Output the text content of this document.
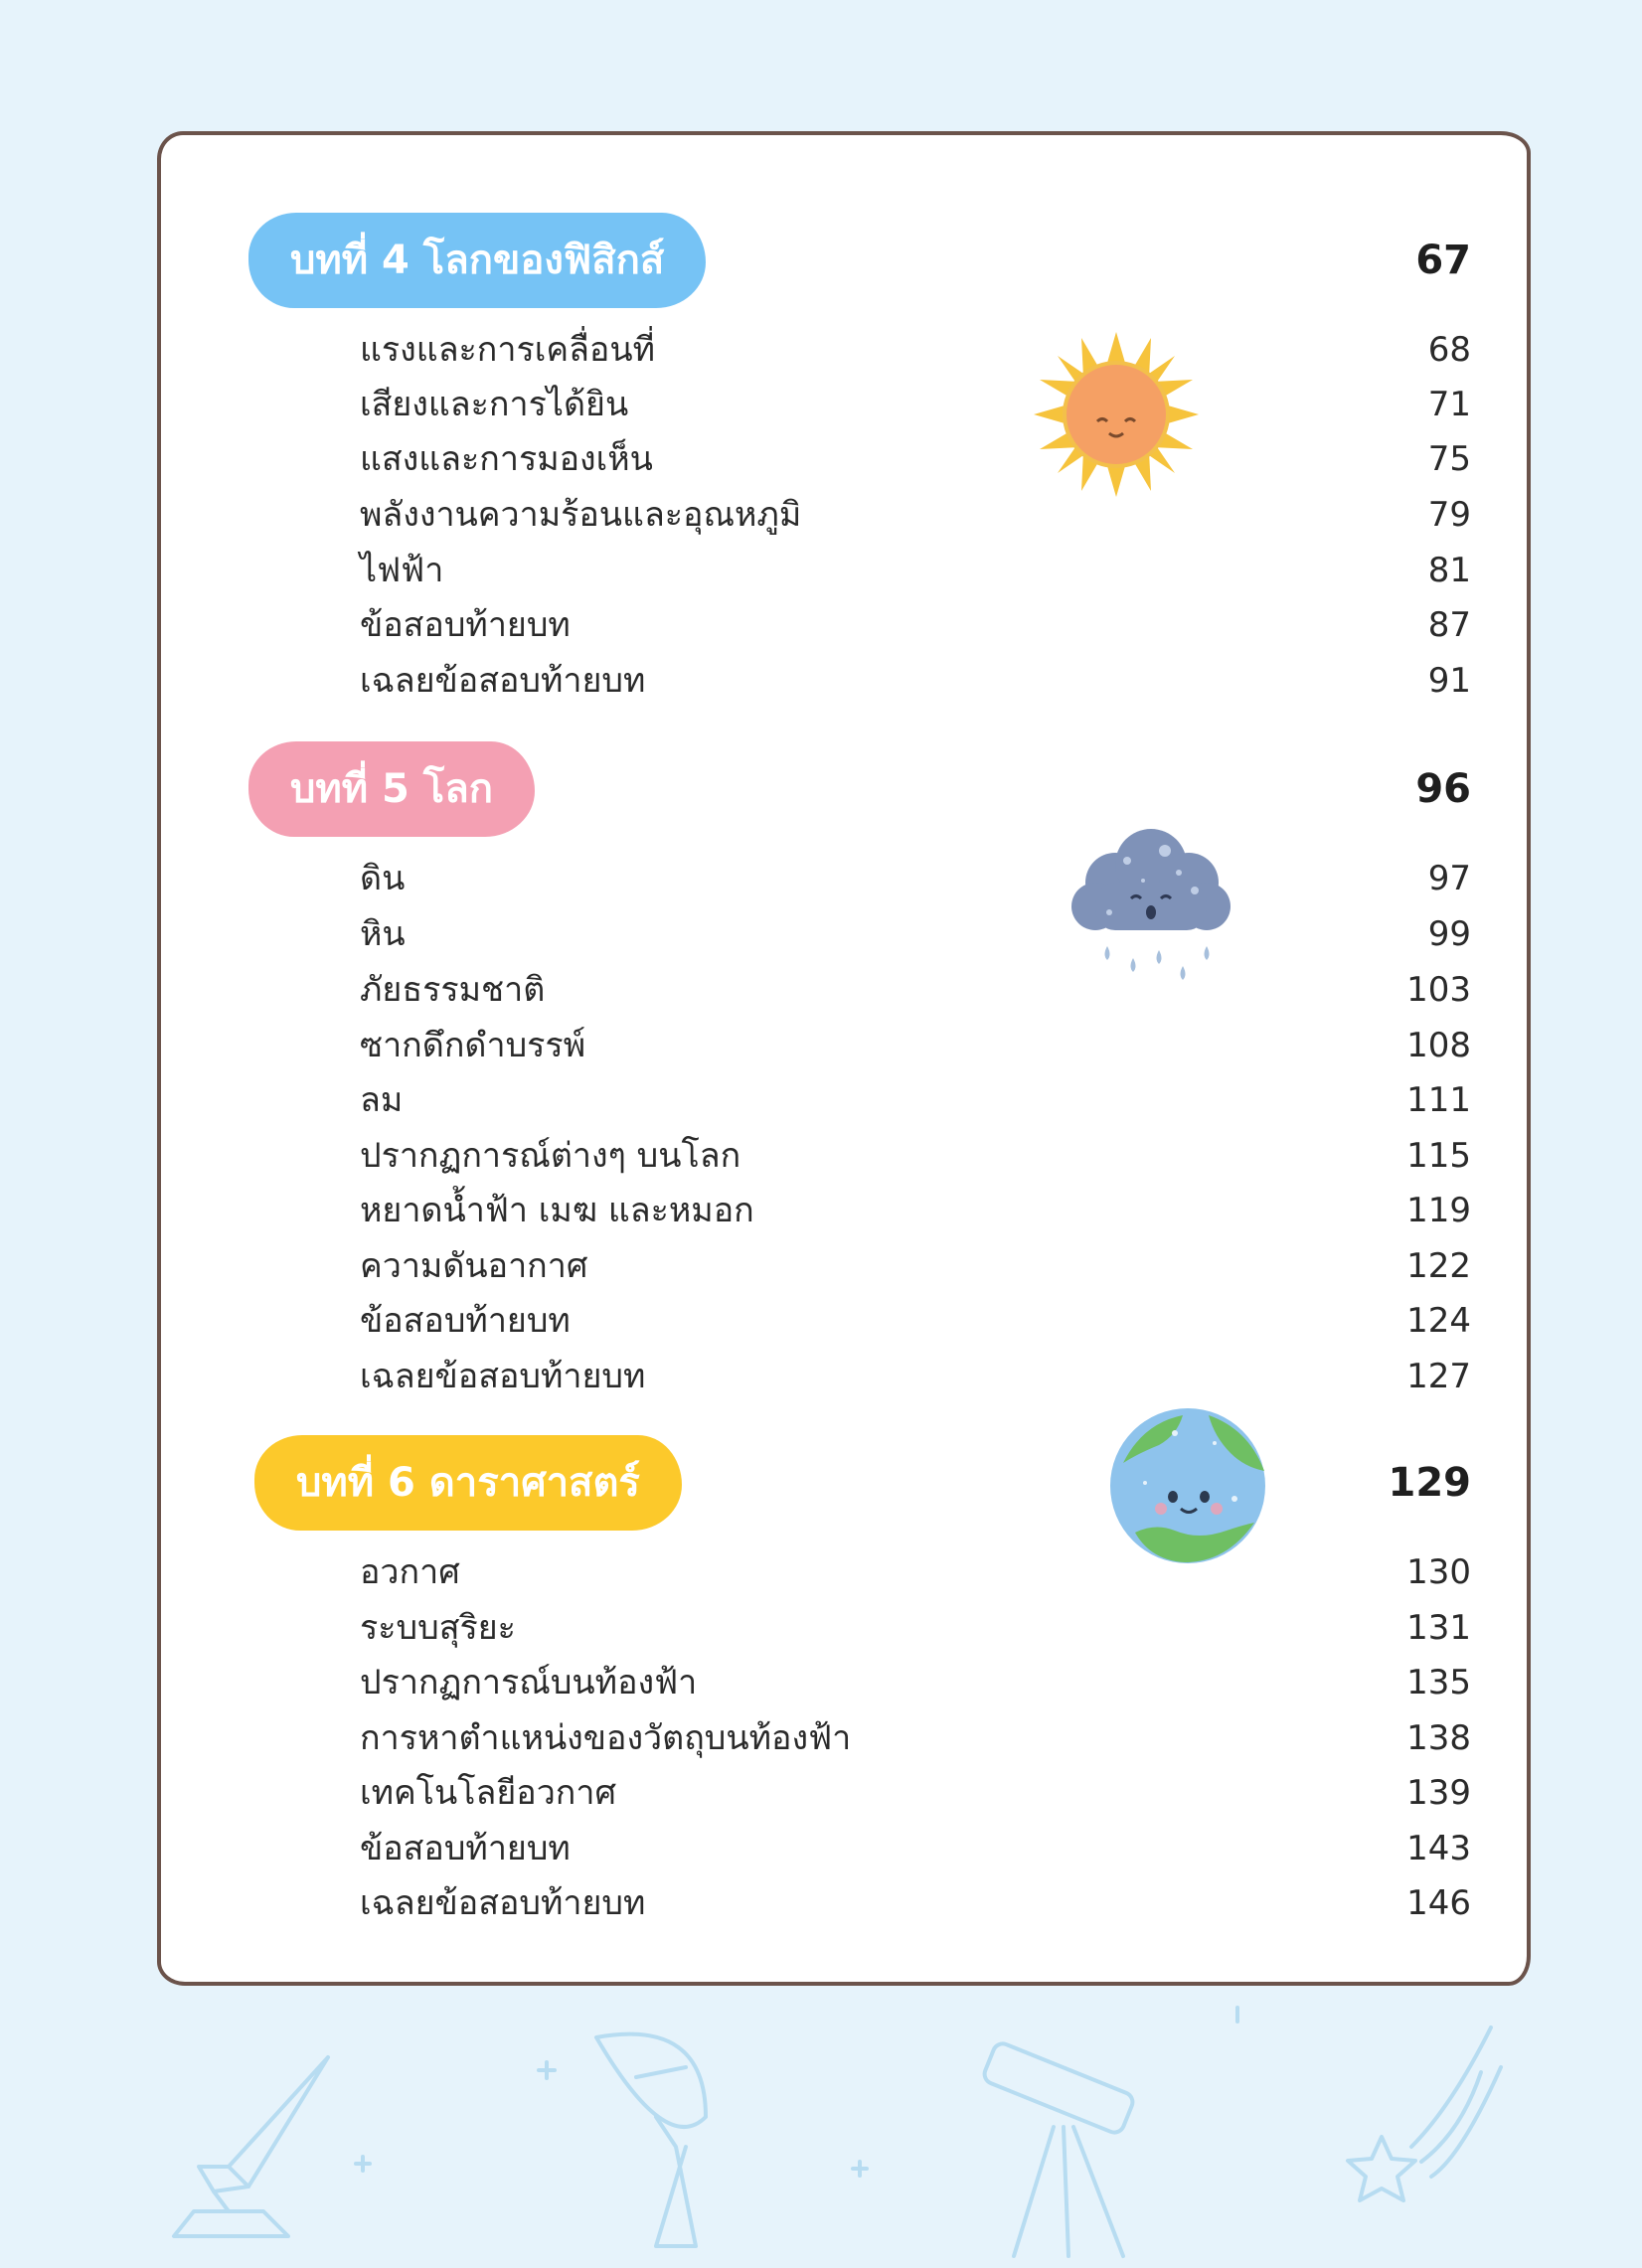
บทที่ 4 โลกของฟิสิกส์	67
แรงและการเคลื่อนที่	68
เสียงและการได้ยิน	71
แสงและการมองเห็น	75
พลังงานความร้อนและอุณหภูมิ	79
ไฟฟ้า	81
ข้อสอบท้ายบท	87
เฉลยข้อสอบท้ายบท	91
บทที่ 5 โลก	96
ดิน	97
หิน	99
ภัยธรรมชาติ	103
ซากดึกดำบรรพ์	108
ลม	111
ปรากฏการณ์ต่างๆ บนโลก	115
หยาดน้ำฟ้า เมฆ และหมอก	119
ความดันอากาศ	122
ข้อสอบท้ายบท	124
เฉลยข้อสอบท้ายบท	127
บทที่ 6 ดาราศาสตร์	129
อวกาศ	130
ระบบสุริยะ	131
ปรากฏการณ์บนท้องฟ้า	135
การหาตำแหน่งของวัตถุบนท้องฟ้า	138
เทคโนโลยีอวกาศ	139
ข้อสอบท้ายบท	143
เฉลยข้อสอบท้ายบท	146
